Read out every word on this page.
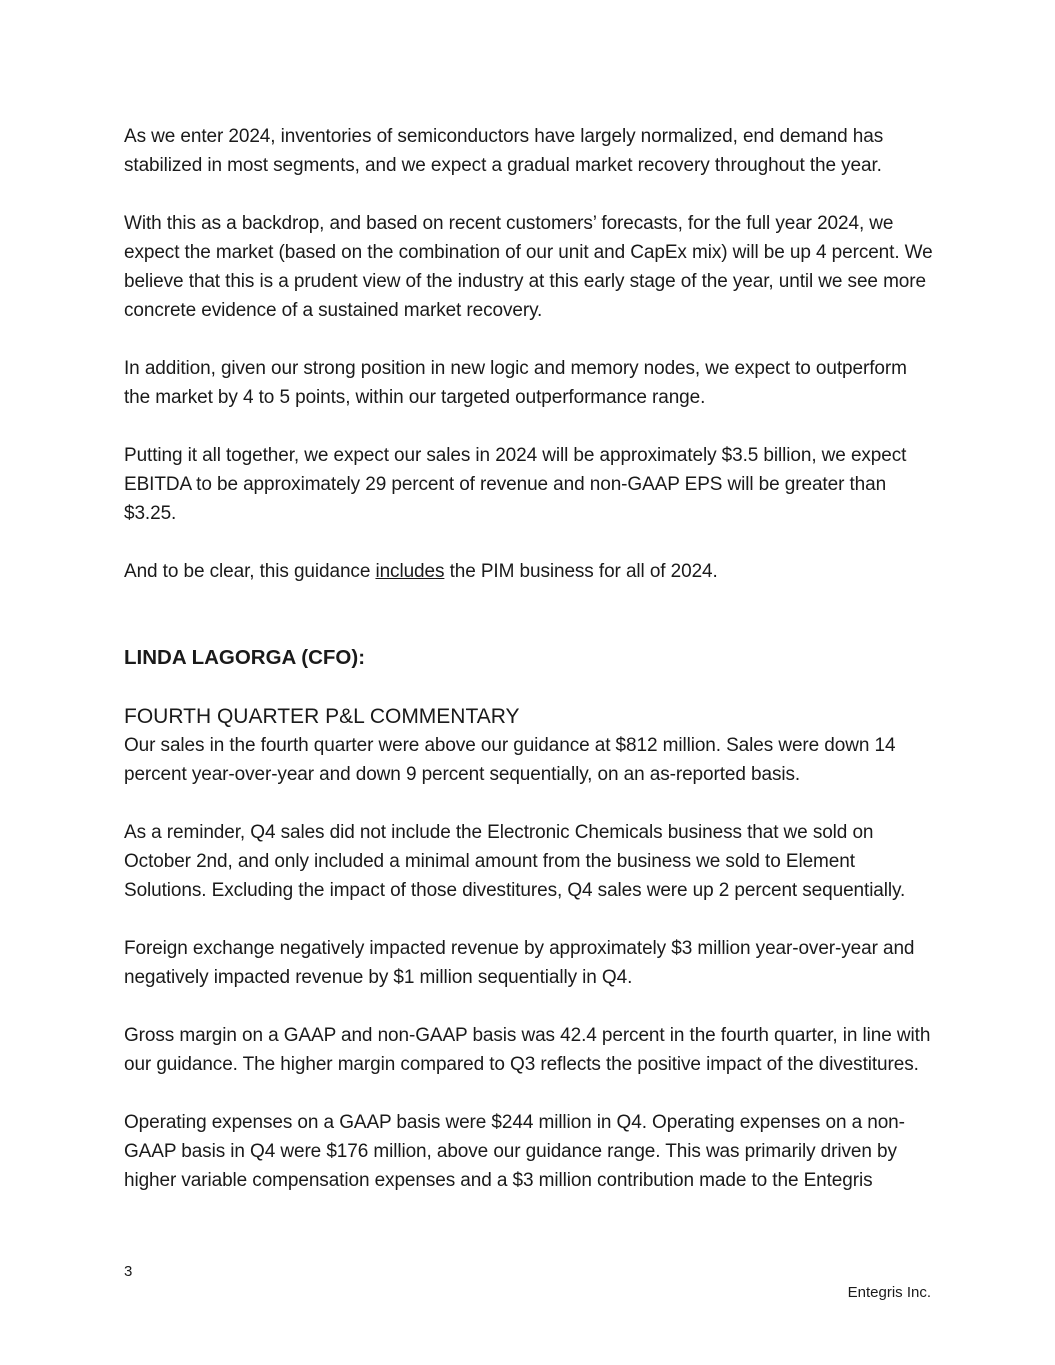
As we enter 2024, inventories of semiconductors have largely normalized, end demand has stabilized in most segments, and we expect a gradual market recovery throughout the year.

With this as a backdrop, and based on recent customers’ forecasts, for the full year 2024, we expect the market (based on the combination of our unit and CapEx mix) will be up 4 percent. We believe that this is a prudent view of the industry at this early stage of the year, until we see more concrete evidence of a sustained market recovery.

In addition, given our strong position in new logic and memory nodes, we expect to outperform the market by 4 to 5 points, within our targeted outperformance range.

Putting it all together, we expect our sales in 2024 will be approximately $3.5 billion, we expect EBITDA to be approximately 29 percent of revenue and non-GAAP EPS will be greater than $3.25.

And to be clear, this guidance includes the PIM business for all of 2024.

LINDA LAGORGA (CFO):
FOURTH QUARTER P&L COMMENTARY

Our sales in the fourth quarter were above our guidance at $812 million. Sales were down 14 percent year-over-year and down 9 percent sequentially, on an as-reported basis.

As a reminder, Q4 sales did not include the Electronic Chemicals business that we sold on October 2nd, and only included a minimal amount from the business we sold to Element Solutions. Excluding the impact of those divestitures, Q4 sales were up 2 percent sequentially.

Foreign exchange negatively impacted revenue by approximately $3 million year-over-year and negatively impacted revenue by $1 million sequentially in Q4.

Gross margin on a GAAP and non-GAAP basis was 42.4 percent in the fourth quarter, in line with our guidance. The higher margin compared to Q3 reflects the positive impact of the divestitures.

Operating expenses on a GAAP basis were $244 million in Q4. Operating expenses on a non-GAAP basis in Q4 were $176 million, above our guidance range. This was primarily driven by higher variable compensation expenses and a $3 million contribution made to the Entegris

3
Entegris Inc.
